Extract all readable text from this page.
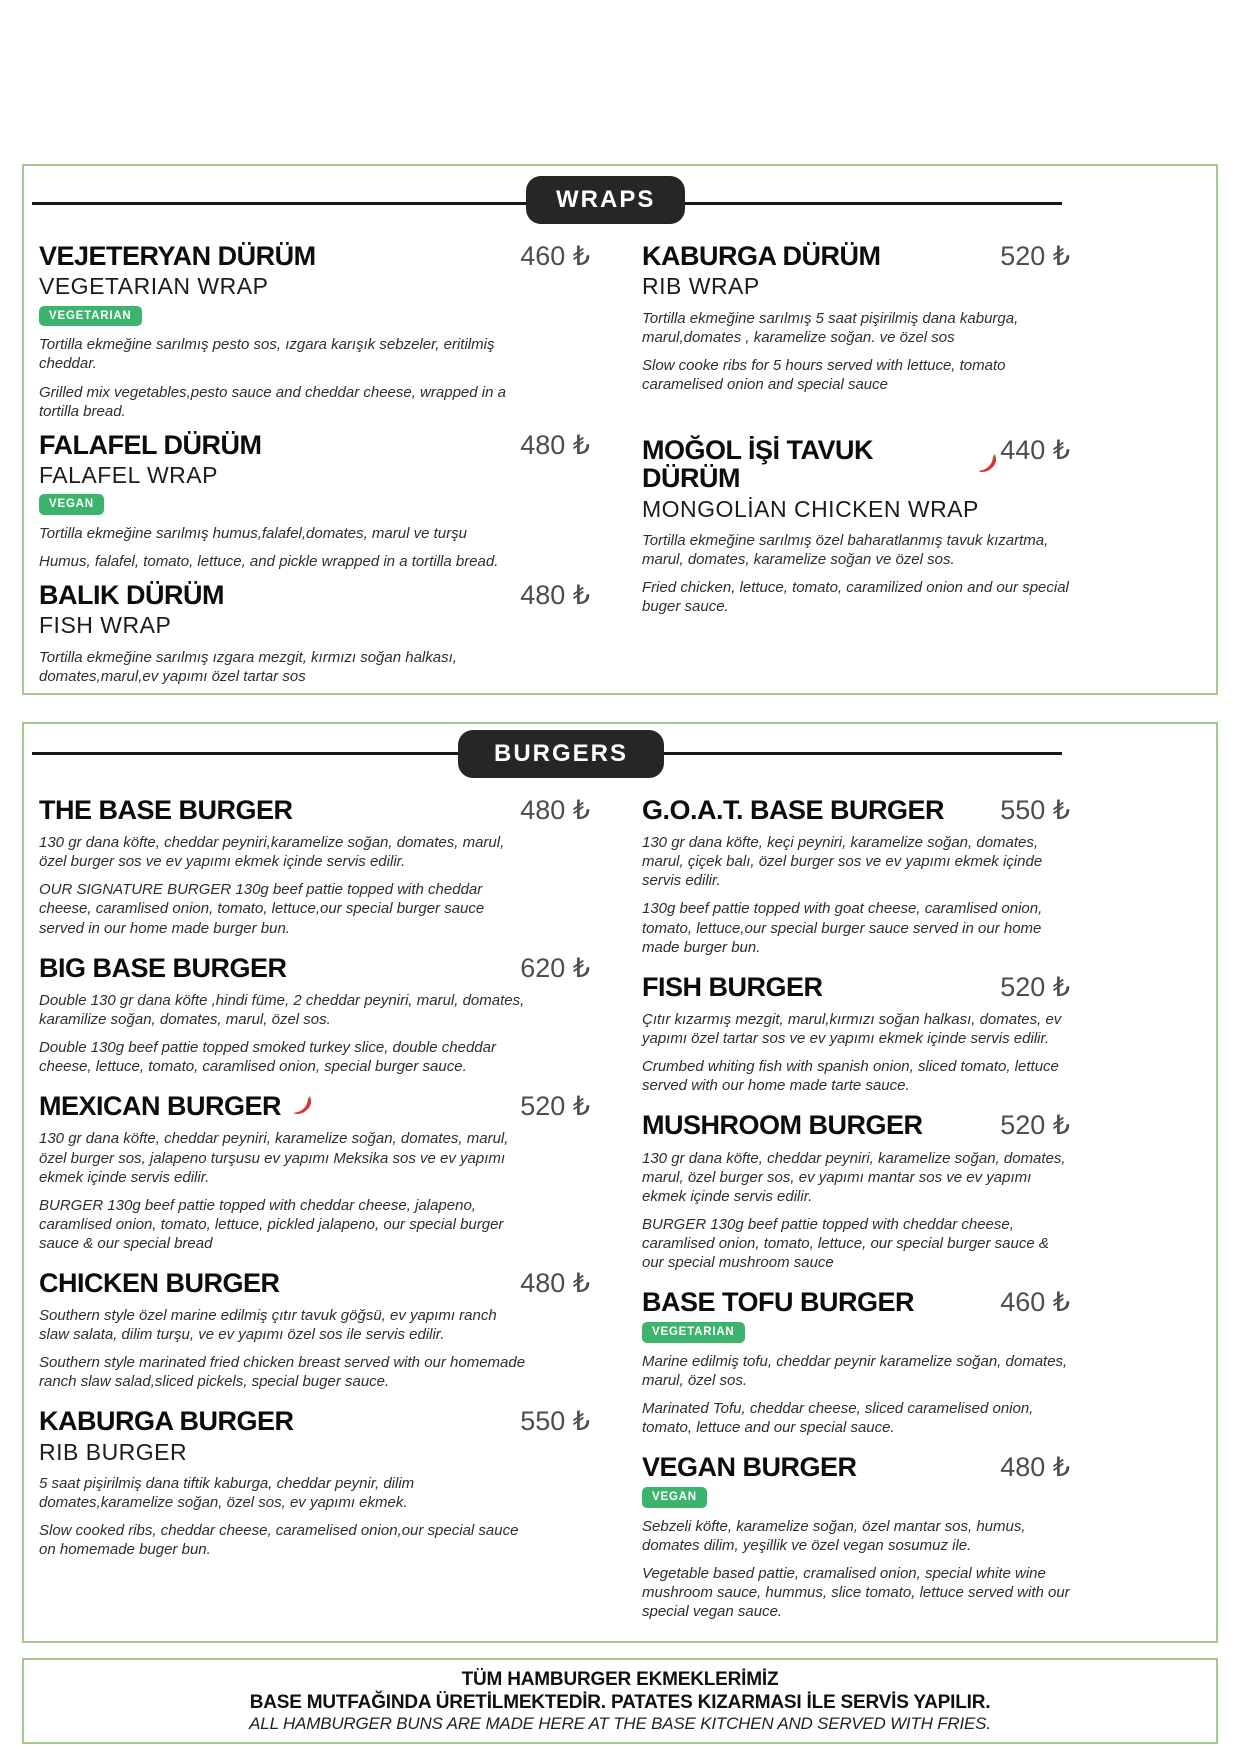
WRAPS
VEJETERYAN DÜRÜM	460 ₺
VEGETARIAN WRAP
VEGETARIAN

Tortilla ekmeğine sarılmış pesto sos, ızgara karışık sebzeler, eritilmiş cheddar.

Grilled mix vegetables,pesto sauce and cheddar cheese, wrapped in a tortilla bread.

FALAFEL DÜRÜM	480 ₺
FALAFEL WRAP
VEGAN

Tortilla ekmeğine sarılmış humus,falafel,domates, marul ve turşu

Humus, falafel, tomato, lettuce, and pickle wrapped in a tortilla bread.

BALIK DÜRÜM	480 ₺
FISH WRAP

Tortilla ekmeğine sarılmış ızgara mezgit, kırmızı soğan halkası, domates,marul,ev yapımı özel tartar sos

KABURGA DÜRÜM	520 ₺
RIB WRAP

Tortilla ekmeğine sarılmış 5 saat pişirilmiş dana kaburga, marul,domates , karamelize soğan. ve özel sos

Slow cooke ribs for 5 hours served with lettuce, tomato caramelised onion and special sauce

MOĞOL İŞİ TAVUK DÜRÜM
440 ₺
MONGOLİAN CHICKEN WRAP

Tortilla ekmeğine sarılmış özel baharatlanmış tavuk kızartma, marul, domates, karamelize soğan ve özel sos.

Fried chicken, lettuce, tomato, caramilized onion and our special buger sauce.

BURGERS
THE BASE BURGER	480 ₺

130 gr dana köfte, cheddar peyniri,karamelize soğan, domates, marul, özel burger sos ve ev yapımı ekmek içinde servis edilir.

OUR SIGNATURE BURGER 130g beef pattie topped with cheddar cheese, caramlised onion, tomato, lettuce,our special burger sauce served in our home made burger bun.

BIG BASE BURGER	620 ₺

Double 130 gr dana köfte ,hindi füme, 2 cheddar peyniri, marul, domates, karamilize soğan, domates, marul, özel sos.

Double 130g beef pattie topped smoked turkey slice, double cheddar cheese, lettuce, tomato, caramlised onion, special burger sauce.

MEXICAN BURGER	520 ₺

130 gr dana köfte, cheddar peyniri, karamelize soğan, domates, marul, özel burger sos, jalapeno turşusu ev yapımı Meksika sos ve ev yapımı ekmek içinde servis edilir.

BURGER 130g beef pattie topped with cheddar cheese, jalapeno, caramlised onion, tomato, lettuce, pickled jalapeno, our special burger sauce & our special bread

CHICKEN BURGER	480 ₺

Southern style özel marine edilmiş çıtır tavuk göğsü, ev yapımı ranch slaw salata, dilim turşu, ve ev yapımı özel sos ile servis edilir.

Southern style marinated fried chicken breast served with our homemade ranch slaw salad,sliced pickels, special buger sauce.

KABURGA BURGER	550 ₺
RIB BURGER

5 saat pişirilmiş dana tiftik kaburga, cheddar peynir, dilim domates,karamelize soğan, özel sos, ev yapımı ekmek.

Slow cooked ribs, cheddar cheese, caramelised onion,our special sauce on homemade buger bun.

G.O.A.T. BASE BURGER 550 ₺

130 gr dana köfte, keçi peyniri, karamelize soğan, domates, marul, çiçek balı, özel burger sos ve ev yapımı ekmek içinde servis edilir.

130g beef pattie topped with goat cheese, caramlised onion, tomato, lettuce,our special burger sauce served in our home made burger bun.

FISH BURGER	520 ₺

Çıtır kızarmış mezgit, marul,kırmızı soğan halkası, domates, ev yapımı özel tartar sos ve ev yapımı ekmek içinde servis edilir.

Crumbed whiting fish with spanish onion, sliced tomato, lettuce served with our home made tarte sauce.

MUSHROOM BURGER	520 ₺

130 gr dana köfte, cheddar peyniri, karamelize soğan, domates, marul, özel burger sos, ev yapımı mantar sos ve ev yapımı ekmek içinde servis edilir.

BURGER 130g beef pattie topped with cheddar cheese, caramlised onion, tomato, lettuce, our special burger sauce & our special mushroom sauce

BASE TOFU BURGER	460 ₺
VEGETARIAN

Marine edilmiş tofu, cheddar peynir karamelize soğan, domates, marul, özel sos.

Marinated Tofu, cheddar cheese, sliced caramelised onion, tomato, lettuce and our special sauce.

VEGAN BURGER	480 ₺
VEGAN

Sebzeli köfte, karamelize soğan, özel mantar sos, humus, domates dilim, yeşillik ve özel vegan sosumuz ile.

Vegetable based pattie, cramalised onion, special white wine mushroom sauce, hummus, slice tomato, lettuce served with our special vegan sauce.

TÜM HAMBURGER EKMEKLERİMİZ

BASE MUTFAĞINDA ÜRETİLMEKTEDİR. PATATES KIZARMASI İLE SERVİS YAPILIR.

ALL HAMBURGER BUNS ARE MADE HERE AT THE BASE KITCHEN AND SERVED WITH FRIES.
